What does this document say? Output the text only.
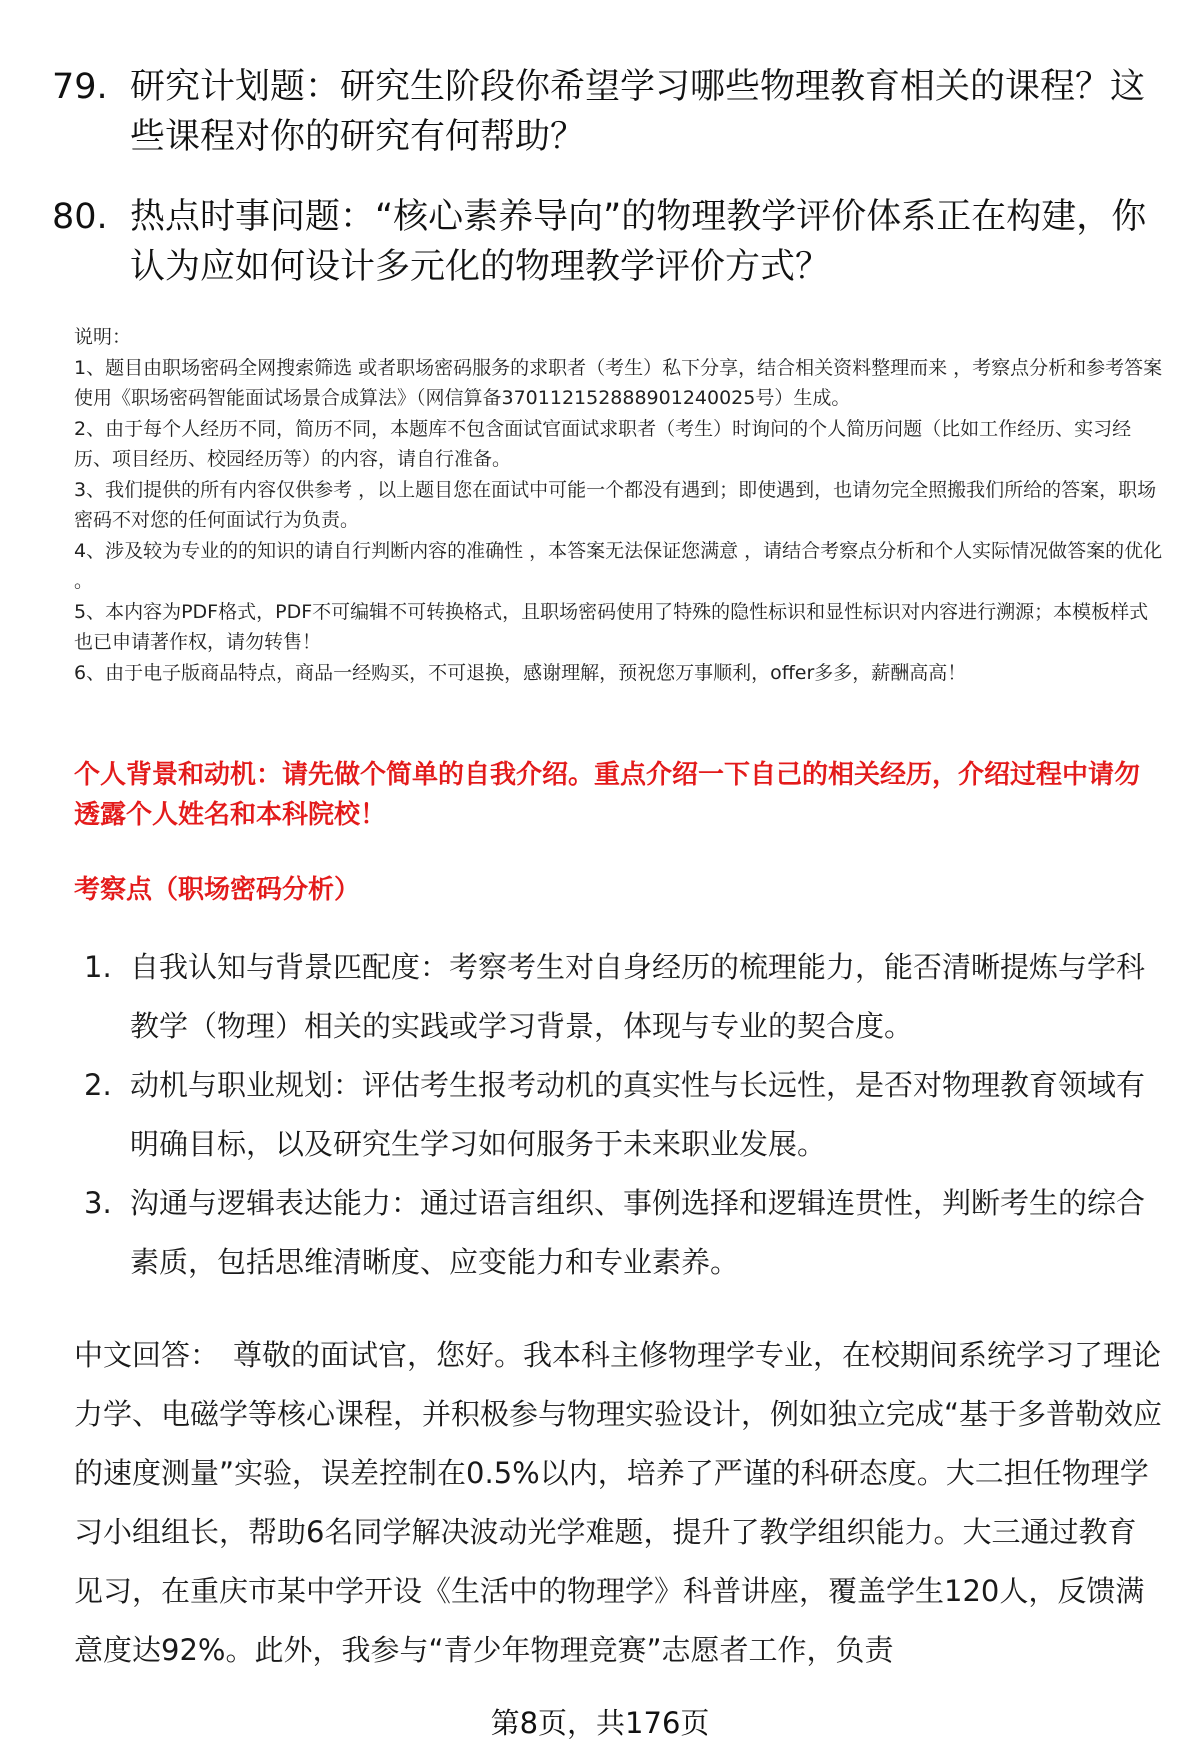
79. 研究计划题：研究生阶段你希望学习哪些物理教育相关的课程？这些课程对你的研究有何帮助？
80. 热点时事问题：“核心素养导向”的物理教学评价体系正在构建，你认为应如何设计多元化的物理教学评价方式？

说明：

1、题目由职场密码全网搜索筛选 或者职场密码服务的求职者（考生）私下分享，结合相关资料整理而来 ，考察点分析和参考答案使用《职场密码智能面试场景合成算法》（网信算备370112152888901240025号）生成。

2、由于每个人经历不同，简历不同，本题库不包含面试官面试求职者（考生）时询问的个人简历问题（比如工作经历、实习经历、项目经历、校园经历等）的内容，请自行准备。

3、我们提供的所有内容仅供参考 ，以上题目您在面试中可能一个都没有遇到；即使遇到，也请勿完全照搬我们所给的答案，职场密码不对您的任何面试行为负责。

4、涉及较为专业的的知识的请自行判断内容的准确性 ，本答案无法保证您满意 ，请结合考察点分析和个人实际情况做答案的优化 。

5、本内容为PDF格式，PDF不可编辑不可转换格式，且职场密码使用了特殊的隐性标识和显性标识对内容进行溯源；本模板样式也已申请著作权，请勿转售！

6、由于电子版商品特点，商品一经购买，不可退换，感谢理解，预祝您万事顺利，offer多多，薪酬高高！

个人背景和动机：请先做个简单的自我介绍。重点介绍一下自己的相关经历，介绍过程中请勿透露个人姓名和本科院校！
考察点（职场密码分析）
1. 自我认知与背景匹配度：考察考生对自身经历的梳理能力，能否清晰提炼与学科教学（物理）相关的实践或学习背景，体现与专业的契合度。
2. 动机与职业规划：评估考生报考动机的真实性与长远性，是否对物理教育领域有明确目标，以及研究生学习如何服务于未来职业发展。
3. 沟通与逻辑表达能力：通过语言组织、事例选择和逻辑连贯性，判断考生的综合素质，包括思维清晰度、应变能力和专业素养。
中文回答： 尊敬的面试官，您好。我本科主修物理学专业，在校期间系统学习了理论力学、电磁学等核心课程，并积极参与物理实验设计，例如独立完成“基于多普勒效应的速度测量”实验，误差控制在0.5%以内，培养了严谨的科研态度。大二担任物理学习小组组长，帮助6名同学解决波动光学难题，提升了教学组织能力。大三通过教育见习，在重庆市某中学开设《生活中的物理学》科普讲座，覆盖学生120人，反馈满意度达92%。此外，我参与“青少年物理竞赛”志愿者工作，负责
第8页，共176页
